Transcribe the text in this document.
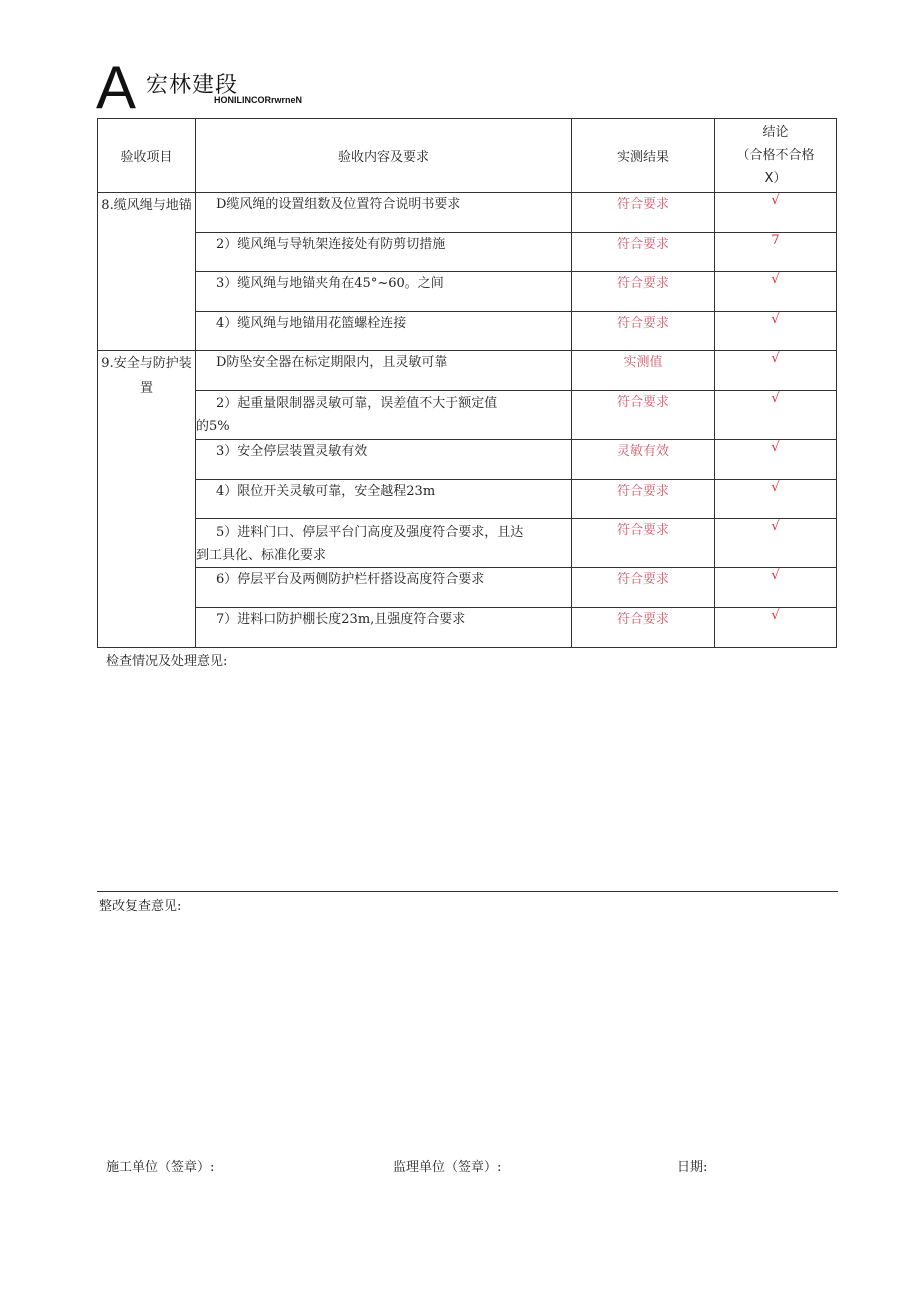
A 宏林建段
HONILINCORrwrneN
验收项目	验收内容及要求	实测结果	结论
（合格不合格
X）

8.缆风绳与地锚	D缆风绳的设置组数及位置符合说明书要求	符合要求	√

	2）缆风绳与导轨架连接处有防剪切措施	符合要求	7

	3）缆风绳与地锚夹角在45°~60。之间	符合要求	√

	4）缆风绳与地锚用花篮螺栓连接	符合要求	√
9.安全与防护装置	D防坠安全器在标定期限内，且灵敏可靠	实测值	√

	2）起重量限制器灵敏可靠，误差值不大于额定值
的5%	符合要求	√

	3）安全停层装置灵敏有效	灵敏有效	√

	4）限位开关灵敏可靠，安全越程23m	符合要求	√

	5）进料门口、停层平台门高度及强度符合要求，且达
到工具化、标准化要求	符合要求	√

	6）停层平台及两侧防护栏杆搭设高度符合要求	符合要求	√

	7）进料口防护棚长度23m,且强度符合要求	符合要求	√
检查情况及处理意见:
整改复查意见:
施工单位（签章）:	监理单位（签章）:	日期:
